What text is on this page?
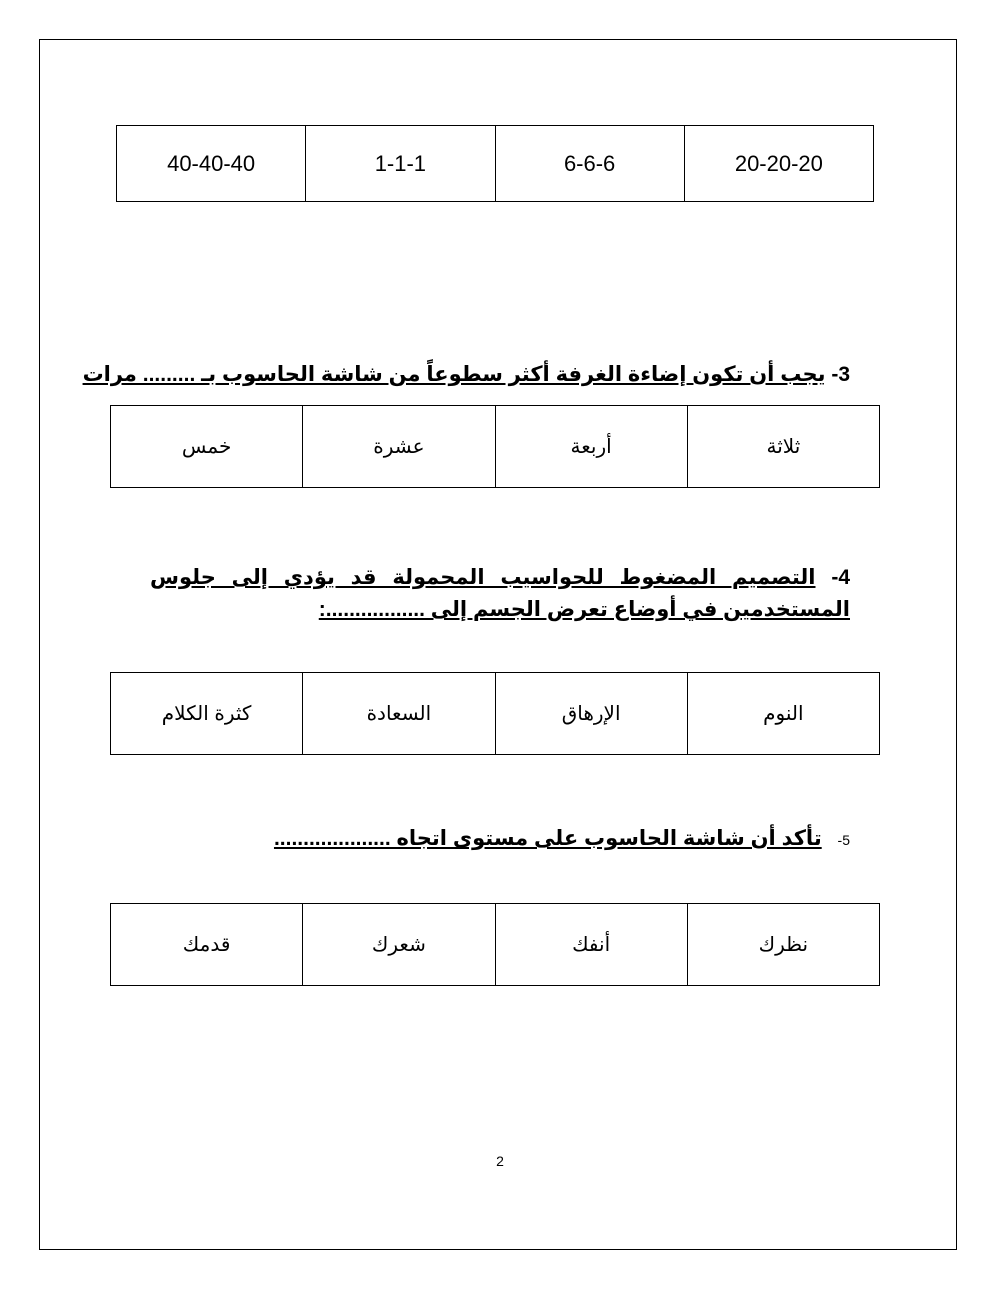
20-20-20	6-6-6	1-1-1	40-40-40
3- يجب أن تكون إضاءة الغرفة أكثر سطوعاً من شاشة الحاسوب بـ ......... مرات
ثلاثة	أربعة	عشرة	خمس
4- التصميم المضغوط للحواسيب المحمولة قد يؤدي إلى جلوس المستخدمين في أوضاع تعرض الجسم إلى .................:
النوم	الإرهاق	السعادة	كثرة الكلام
-5 تأكد أن شاشة الحاسوب على مستوى اتجاه ....................
نظرك	أنفك	شعرك	قدمك
2
